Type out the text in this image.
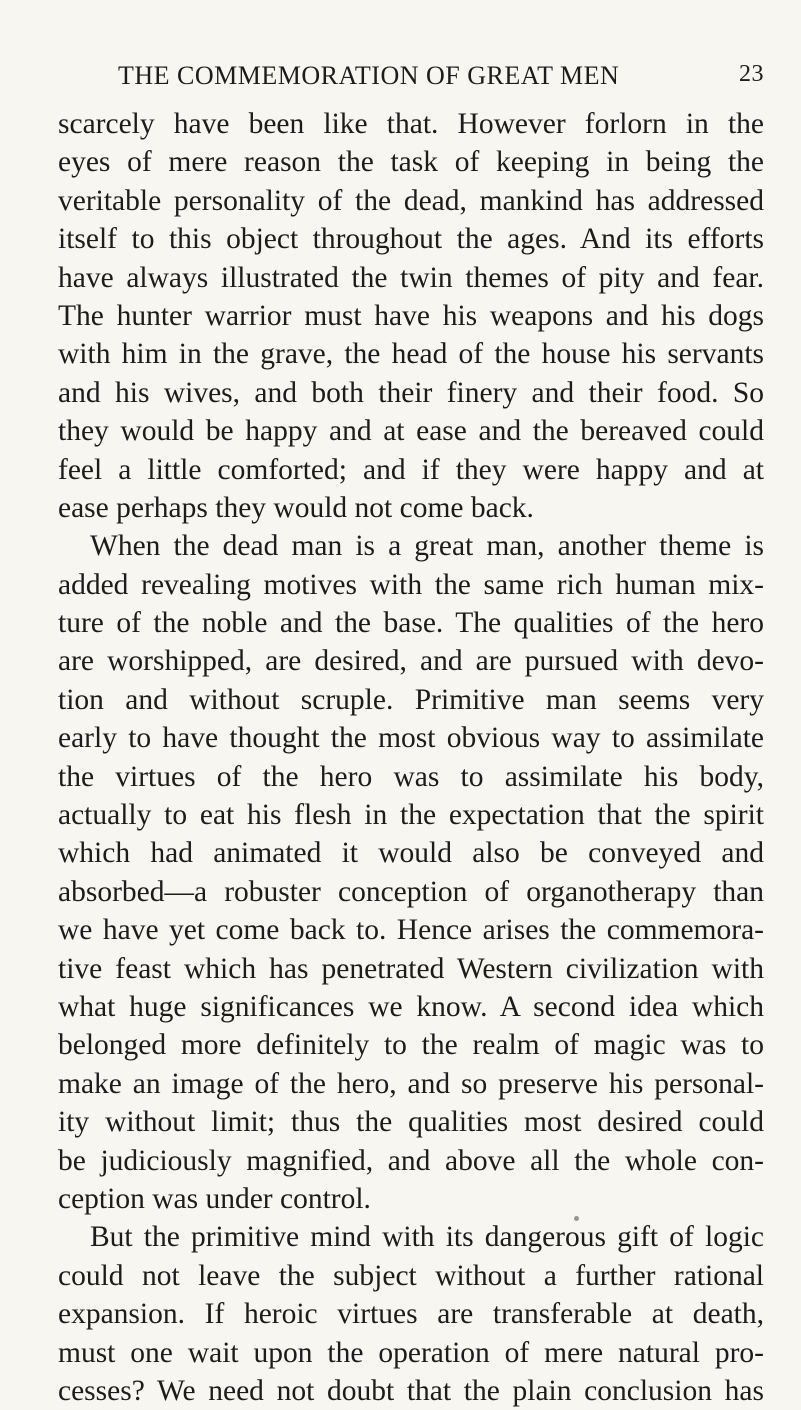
THE COMMEMORATION OF GREAT MEN	23
scarcely have been like that. However forlorn in the
eyes of mere reason the task of keeping in being the
veritable personality of the dead, mankind has addressed
itself to this object throughout the ages. And its efforts
have always illustrated the twin themes of pity and fear.
The hunter warrior must have his weapons and his dogs
with him in the grave, the head of the house his servants
and his wives, and both their finery and their food. So
they would be happy and at ease and the bereaved could
feel a little comforted; and if they were happy and at
ease perhaps they would not come back.
When the dead man is a great man, another theme is
added revealing motives with the same rich human mix-
ture of the noble and the base. The qualities of the hero
are worshipped, are desired, and are pursued with devo-
tion and without scruple. Primitive man seems very
early to have thought the most obvious way to assimilate
the virtues of the hero was to assimilate his body,
actually to eat his flesh in the expectation that the spirit
which had animated it would also be conveyed and
absorbed—a robuster conception of organotherapy than
we have yet come back to. Hence arises the commemora-
tive feast which has penetrated Western civilization with
what huge significances we know. A second idea which
belonged more definitely to the realm of magic was to
make an image of the hero, and so preserve his personal-
ity without limit; thus the qualities most desired could
be judiciously magnified, and above all the whole con-
ception was under control.
But the primitive mind with its dangerous gift of logic
could not leave the subject without a further rational
expansion. If heroic virtues are transferable at death,
must one wait upon the operation of mere natural pro-
cesses? We need not doubt that the plain conclusion has
